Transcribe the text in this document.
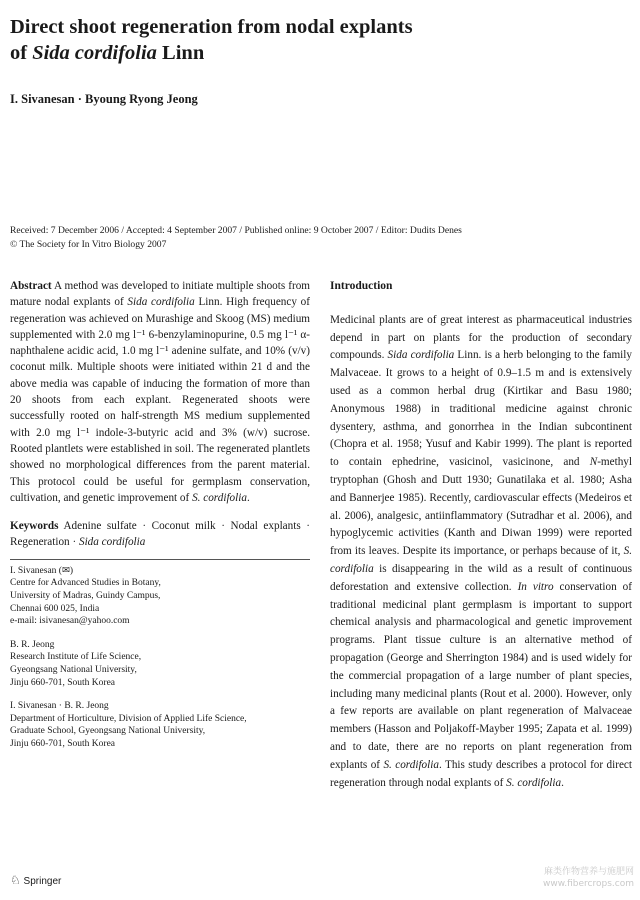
Direct shoot regeneration from nodal explants
of Sida cordifolia Linn
I. Sivanesan · Byoung Ryong Jeong
Received: 7 December 2006 / Accepted: 4 September 2007 / Published online: 9 October 2007 / Editor: Dudits Denes
© The Society for In Vitro Biology 2007

Abstract A method was developed to initiate multiple shoots from mature nodal explants of Sida cordifolia Linn. High frequency of regeneration was achieved on Murashige and Skoog (MS) medium supplemented with 2.0 mg l⁻¹ 6-benzylaminopurine, 0.5 mg l⁻¹ α-naphthalene acidic acid, 1.0 mg l⁻¹ adenine sulfate, and 10% (v/v) coconut milk. Multiple shoots were initiated within 21 d and the above media was capable of inducing the formation of more than 20 shoots from each explant. Regenerated shoots were successfully rooted on half-strength MS medium supplemented with 2.0 mg l⁻¹ indole-3-butyric acid and 3% (w/v) sucrose. Rooted plantlets were established in soil. The regenerated plantlets showed no morphological differences from the parent material. This protocol could be useful for germplasm conservation, cultivation, and genetic improvement of S. cordifolia.

Keywords Adenine sulfate · Coconut milk · Nodal explants · Regeneration · Sida cordifolia

I. Sivanesan (✉)
Centre for Advanced Studies in Botany,
University of Madras, Guindy Campus,
Chennai 600 025, India
e-mail: isivanesan@yahoo.com
B. R. Jeong
Research Institute of Life Science,
Gyeongsang National University,
Jinju 660-701, South Korea
I. Sivanesan · B. R. Jeong
Department of Horticulture, Division of Applied Life Science,
Graduate School, Gyeongsang National University,
Jinju 660-701, South Korea
Introduction

Medicinal plants are of great interest as pharmaceutical industries depend in part on plants for the production of secondary compounds. Sida cordifolia Linn. is a herb belonging to the family Malvaceae. It grows to a height of 0.9–1.5 m and is extensively used as a common herbal drug (Kirtikar and Basu 1980; Anonymous 1988) in traditional medicine against chronic dysentery, asthma, and gonorrhea in the Indian subcontinent (Chopra et al. 1958; Yusuf and Kabir 1999). The plant is reported to contain ephedrine, vasicinol, vasicinone, and N-methyl tryptophan (Ghosh and Dutt 1930; Gunatilaka et al. 1980; Asha and Bannerjee 1985). Recently, cardiovascular effects (Medeiros et al. 2006), analgesic, antiinflammatory (Sutradhar et al. 2006), and hypoglycemic activities (Kanth and Diwan 1999) were reported from its leaves. Despite its importance, or perhaps because of it, S. cordifolia is disappearing in the wild as a result of continuous deforestation and extensive collection. In vitro conservation of traditional medicinal plant germplasm is important to support chemical analysis and pharmacological and genetic improvement programs. Plant tissue culture is an alternative method of propagation (George and Sherrington 1984) and is used widely for the commercial propagation of a large number of plant species, including many medicinal plants (Rout et al. 2000). However, only a few reports are available on plant regeneration of Malvaceae members (Hasson and Poljakoff-Mayber 1995; Zapata et al. 1999) and to date, there are no reports on plant regeneration from explants of S. cordifolia. This study describes a protocol for direct regeneration through nodal explants of S. cordifolia.

♘ Springer
麻类作物营养与施肥网
www.fibercrops.com
